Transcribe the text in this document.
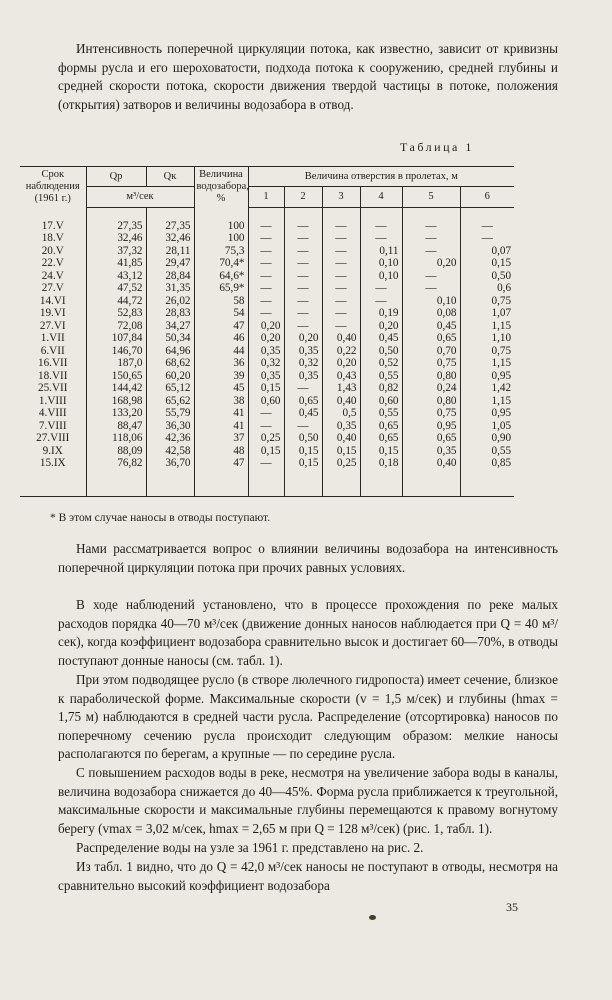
Интенсивность поперечной циркуляции потока, как известно, зависит от кривизны формы русла и его шероховатости, подхода потока к сооружению, средней глубины и средней скорости потока, скорости движения твердой частицы в потоке, положения (открытия) затворов и величины водозабора в отвод.

Таблица 1
Срок наблюдения (1961 г.)	Qр	Qк	Величина водозабора, %	Величина отверстия в пролетах, м					
	м³/сек			1	2	3	4	5	6

17.V	27,35	27,35	100	—	—	—	—	—	—
18.V	32,46	32,46	100	—	—	—	—	—	—
20.V	37,32	28,11	75,3	—	—	—	0,11	—	0,07
22.V	41,85	29,47	70,4*	—	—	—	0,10	0,20	0,15
24.V	43,12	28,84	64,6*	—	—	—	0,10	—	0,50
27.V	47,52	31,35	65,9*	—	—	—	—	—	0,6
14.VI	44,72	26,02	58	—	—	—	—	0,10	0,75
19.VI	52,83	28,83	54	—	—	—	0,19	0,08	1,07
27.VI	72,08	34,27	47	0,20	—	—	0,20	0,45	1,15
1.VII	107,84	50,34	46	0,20	0,20	0,40	0,45	0,65	1,10
6.VII	146,70	64,96	44	0,35	0,35	0,22	0,50	0,70	0,75
16.VII	187,0	68,62	36	0,32	0,32	0,20	0,52	0,75	1,15
18.VII	150,65	60,20	39	0,35	0,35	0,43	0,55	0,80	0,95
25.VII	144,42	65,12	45	0,15	—	1,43	0,82	0,24	1,42
1.VIII	168,98	65,62	38	0,60	0,65	0,40	0,60	0,80	1,15
4.VIII	133,20	55,79	41	—	0,45	0,5	0,55	0,75	0,95
7.VIII	88,47	36,30	41	—	—	0,35	0,65	0,95	1,05
27.VIII	118,06	42,36	37	0,25	0,50	0,40	0,65	0,65	0,90
9.IX	88,09	42,58	48	0,15	0,15	0,15	0,15	0,35	0,55
15.IX	76,82	36,70	47	—	0,15	0,25	0,18	0,40	0,85

* В этом случае наносы в отводы поступают.

Нами рассматривается вопрос о влиянии величины водозабора на интенсивность поперечной циркуляции потока при прочих равных условиях.

В ходе наблюдений установлено, что в процессе прохождения по реке малых расходов порядка 40—70 м³/сек (движение донных наносов наблюдается при Q = 40 м³/сек), когда коэффициент водозабора сравнительно высок и достигает 60—70%, в отводы поступают донные наносы (см. табл. 1).

При этом подводящее русло (в створе люлечного гидропоста) имеет сечение, близкое к параболической форме. Максимальные скорости (v = 1,5 м/сек) и глубины (hmax = 1,75 м) наблюдаются в средней части русла. Распределение (отсортировка) наносов по поперечному сечению русла происходит следующим образом: мелкие наносы располагаются по берегам, а крупные — по середине русла.

С повышением расходов воды в реке, несмотря на увеличение забора воды в каналы, величина водозабора снижается до 40—45%. Форма русла приближается к треугольной, максимальные скорости и максимальные глубины перемещаются к правому вогнутому берегу (vmax = 3,02 м/сек, hmax = 2,65 м при Q = 128 м³/сек) (рис. 1, табл. 1).

Распределение воды на узле за 1961 г. представлено на рис. 2.

Из табл. 1 видно, что до Q = 42,0 м³/сек наносы не поступают в отводы, несмотря на сравнительно высокий коэффициент водозабора

35
